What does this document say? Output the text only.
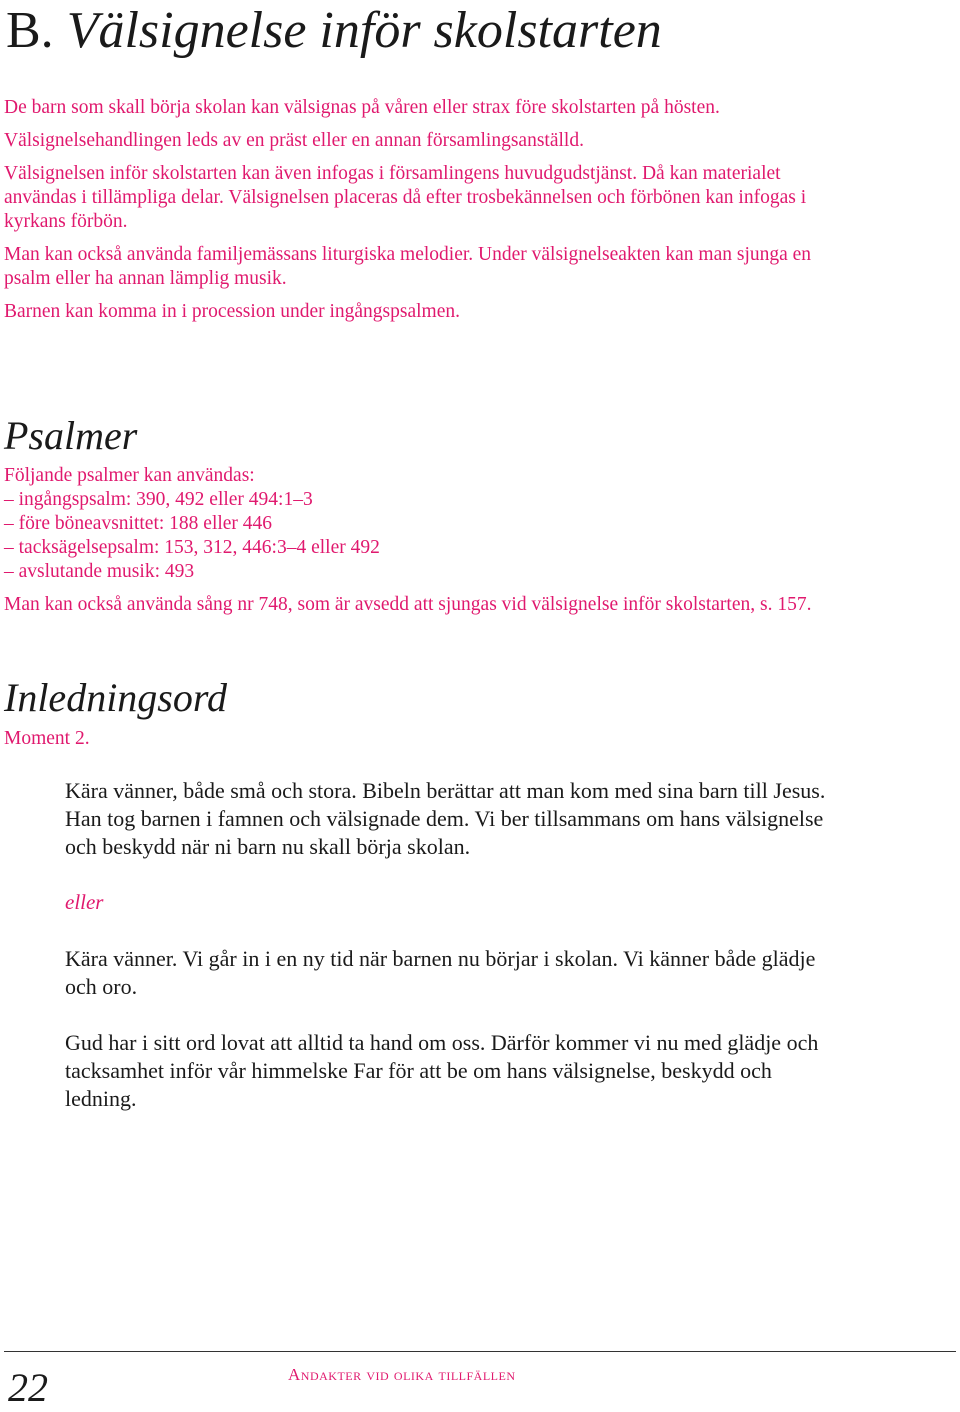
B. Välsignelse inför skolstarten

De barn som skall börja skolan kan välsignas på våren eller strax före skolstarten på hösten.

Välsignelsehandlingen leds av en präst eller en annan församlingsanställd.

Välsignelsen inför skolstarten kan även infogas i församlingens huvudgudstjänst. Då kan materialet användas i tillämpliga delar. Välsignelsen placeras då efter trosbekännelsen och förbönen kan infogas i kyrkans förbön.

Man kan också använda familjemässans liturgiska melodier. Under välsignelseakten kan man sjunga en psalm eller ha annan lämplig musik.

Barnen kan komma in i procession under ingångspsalmen.

Psalmer

Följande psalmer kan användas:

– ingångspsalm: 390, 492 eller 494:1–3

– före böneavsnittet: 188 eller 446

– tacksägelsepsalm: 153, 312, 446:3–4 eller 492

– avslutande musik: 493

Man kan också använda sång nr 748, som är avsedd att sjungas vid välsignelse inför skolstarten, s. 157.

Inledningsord
Moment 2.

Kära vänner, både små och stora. Bibeln berättar att man kom med sina barn till Jesus. Han tog barnen i famnen och välsignade dem. Vi ber tillsammans om hans välsignelse och beskydd när ni barn nu skall börja skolan.

eller

Kära vänner. Vi går in i en ny tid när barnen nu börjar i skolan. Vi känner både glädje och oro.

Gud har i sitt ord lovat att alltid ta hand om oss. Därför kommer vi nu med glädje och tacksamhet inför vår himmelske Far för att be om hans välsignelse, beskydd och ledning.

22	Andakter vid olika tillfällen
